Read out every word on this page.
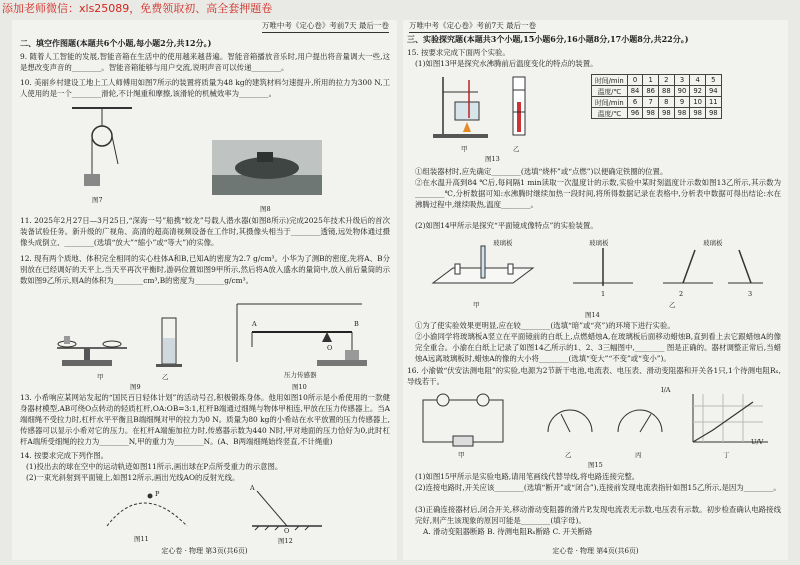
添加老师微信：xls25089，免费领取初、高全套押题卷
万唯中考《定心卷》考前7天 最后一卷
二、填空作图题(本题共6个小题,每小题2分,共12分。)
9. 随着人工智能的发展,智能音箱在生活中的使用越来越普遍。智能音箱播放音乐时,用户提出将音量调大一些,这是想改变声音的________。智能音箱能够与用户交流,说明声音可以传递________。
10. 美丽乡村建设工地上工人师傅用如图7所示的装置将质量为48 kg的建筑材料匀速提升,所用的拉力为300 N,工人使用的是一个________滑轮,不计绳重和摩擦,该滑轮的机械效率为________。
图7
图8
11. 2025年2月27日—3月25日,“深海一号”船携“蛟龙”号载人潜水器(如图8所示)完成2025年技术升级后的首次装备试验任务。新升级的广视角、高清的超高清视频设备在工作时,其摄像头相当于________透镜,远处物体通过摄像头成倒立、________(选填“放大”“缩小”或“等大”)的实像。
12. 现有两个质地、体积完全相同的实心柱体A和B,已知A的密度为2.7 g/cm³。小华为了测B的密度,先将A、B分别放在已经调好的天平上,当天平再次平衡时,游码位置如图9甲所示,然后将A放入盛水的量筒中,放入前后量筒的示数如图9乙所示,则A的体积为________cm³,B的密度为________g/cm³。
甲	乙
图9
A
O
B
压力传感器
图10
13. 小希响应某网站发起的“国民百日轻体计划”的活动号召,积极锻炼身体。他用如图10所示是小希使用的一款健身器材模型,AB可绕O点转动的轻质杠杆,OA:OB=3:1,杠杆B端通过细绳与物体甲相连,甲放在压力传感器上。当A端细绳不受拉力时,杠杆水平平衡且B端细绳对甲的拉力为0 N。质量为80 kg的小希站在水平放置的压力传感器上,传感器可以显示小希对它的压力。在杠杆A端施加拉力时,传感器示数为440 N时,甲对地面的压力恰好为0,此时杠杆A端所受细绳的拉力为________N,甲的重力为________N。(A、B两端细绳始终竖直,不计绳重)
14. 按要求完成下列作图。
(1)投出去的球在空中的运动轨迹如图11所示,画出球在P点所受重力的示意图。
(2)一束光斜射到平面镜上,如图12所示,画出光线AO的反射光线。
P
图11
A
O
图12
定心卷 · 物理 第3页(共6页)
万唯中考《定心卷》考前7天 最后一卷
三、实验探究题(本题共3个小题,15小题6分,16小题8分,17小题8分,共22分。)
15. 按要求完成下面两个实验。
(1)如图13甲是探究水沸腾前后温度变化的特点的装置。
甲	乙
图13
时间/min	0	1	2	3	4	5
温度/℃	84	86	88	90	92	94
时间/min	6	7	8	9	10	11
温度/℃	96	98	98	98	98	98
①组装器材时,应先确定________(选填“烧杯”或“点燃”)以便确定铁圈的位置。
②在水温升高到84 ℃后,每间隔1 min读取一次温度计的示数,实验中某时刻温度计示数如图13乙所示,其示数为________℃,分析数据可知:水沸腾时继续加热一段时间,将所得数据记录在表格中,分析表中数据可得出结论:水在沸腾过程中,继续吸热,温度________。
(2)如图14甲所示是探究“平面镜成像特点”的实验装置。
玻璃板	玻璃板	玻璃板
1	2	3
甲	乙
图14
①为了使实验效果更明显,应在较________(选填“暗”或“亮”)的环境下进行实验。
②小渝同学将玻璃板A竖立在平面镜前的白纸上,点燃蜡烛A,在玻璃板后面移动蜡烛B,直到看上去它跟蜡烛A的像完全重合。小渝在白纸上记录了如图14乙所示的1、2、3三幅图中,________ 图是正确的。器材调整正常后,当蜡烛A远离玻璃板时,蜡烛A的像的大小将________(选填“变大”“不变”或“变小”)。
16. 小渝做“伏安法测电阻”的实验,电源为2节新干电池,电流表、电压表、滑动变阻器和开关各1只,1个待测电阻Rₓ,导线若干。
I/A
U/V
甲	乙	丙	丁
图15
(1)如图15甲所示是实验电路,请用笔画线代替导线,将电路连接完整。
(2)连接电路时,开关应该________(选填“断开”或“闭合”),连接前发现电流表指针如图15乙所示,是因为________。
(3)正确连接器材后,闭合开关,移动滑动变阻器的滑片P,发现电流表无示数,电压表有示数。初步检查确认电路接线完好,则产生该现象的原因可能是________(填字母)。
A. 滑动变阻器断路 B. 待测电阻Rₓ断路 C. 开关断路
定心卷 · 物理 第4页(共6页)
